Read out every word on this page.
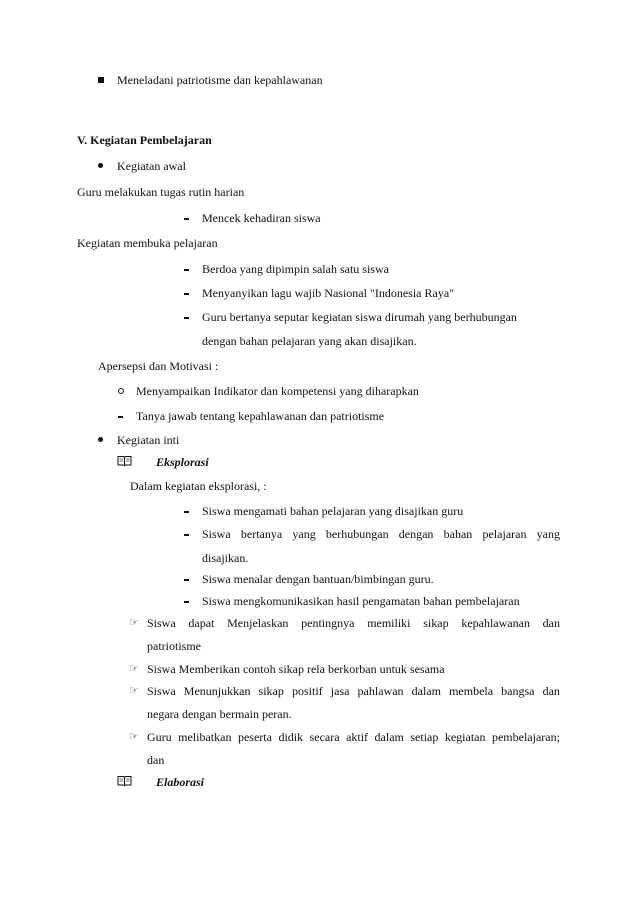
Meneladani patriotisme dan kepahlawanan
V. Kegiatan Pembelajaran
Kegiatan awal
Guru melakukan tugas rutin harian
Mencek kehadiran siswa
Kegiatan membuka pelajaran
Berdoa yang dipimpin salah satu siswa
Menyanyikan lagu wajib Nasional "Indonesia Raya"
Guru bertanya seputar kegiatan siswa dirumah yang berhubungan
dengan bahan pelajaran yang akan disajikan.
Apersepsi dan Motivasi :
Menyampaikan Indikator dan kompetensi yang diharapkan
Tanya jawab tentang kepahlawanan dan patriotisme
Kegiatan inti
Eksplorasi
Dalam kegiatan eksplorasi, :
Siswa mengamati bahan pelajaran yang disajikan guru
Siswa bertanya yang berhubungan dengan bahan pelajaran yang
disajikan.
Siswa menalar dengan bantuan/bimbingan guru.
Siswa mengkomunikasikan hasil pengamatan bahan pembelajaran
☞ Siswa dapat Menjelaskan pentingnya memiliki sikap kepahlawanan dan
patriotisme
☞ Siswa Memberikan contoh sikap rela berkorban untuk sesama
☞ Siswa Menunjukkan sikap positif jasa pahlawan dalam membela bangsa dan
negara dengan bermain peran.
☞ Guru melibatkan peserta didik secara aktif dalam setiap kegiatan pembelajaran;
dan
Elaborasi
